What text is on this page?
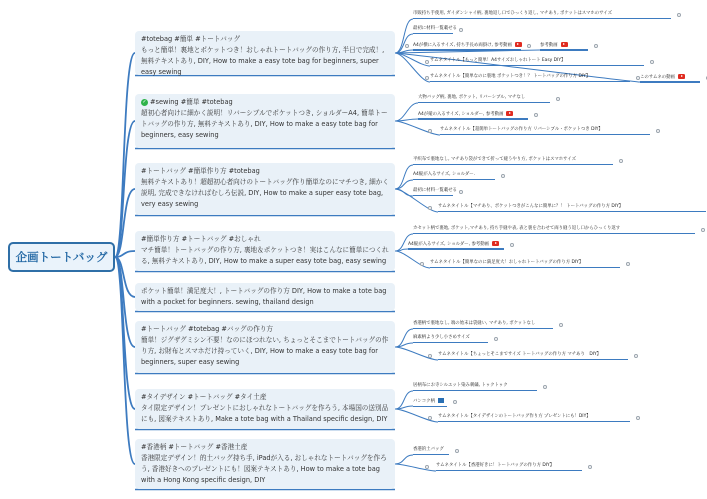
企画トートバッグ
#totebag #簡単 #トートバッグ
もっと簡単！裏地とポケットつき！おしゃれトートバッグの作り方, 半日で完成！, 無料テキストあり, DIY, How to make a easy tote bag for beginners, super easy sewing
✓ #sewing #簡単 #totebag
超初心者向けに細かく説明！リバーシブルでポケットつき, ショルダーA4, 簡単トートバッグの作り方, 無料テキストあり, DIY, How to make a easy tote bag for beginners, easy sewing
#トートバッグ #簡単作り方 #totebag
無料テキストあり！超超初心者向けのトートバッグ作り簡単なのにマチつき, 細かく説明, 完成できなければむしろ伝説, DIY, How to make a super easy tote bag, very easy sewing
#簡単作り方 #トートバッグ #おしゃれ
マチ簡単！トートバッグの作り方, 裏地＆ポケットつき！実はこんなに簡単につくれる, 無料テキストあり, DIY, How to make a super easy tote bag, easy sewing
ポケット簡単！満足度大！, トートバッグの作り方 DIY, How to make a tote bag with a pocket for beginners. sewing, thailand design
#トートバッグ #totebag #バッグの作り方
簡単！ジグザグミシン不要！なのにほつれない, ちょっとそこまでトートバッグの作り方, お財布とスマホだけ持っていく, DIY, How to make a easy tote bag for beginners, super easy sewing
#タイデザイン #トートバッグ #タイ土産
タイ限定デザイン！プレゼントにおしゃれなトートバッグを作ろう, 本場国の送別品にも, 図案テキストあり, Make a tote bag with a Thailand specific design, DIY
#香港柄 #トートバッグ #香港土産
香港限定デザイン！的土バッグ持ち手, iPadが入る, おしゃれなトートバッグを作ろう, 香港好きへのプレゼントにも！図案テキストあり, How to make a tote bag with a Hong Kong specific design, DIY
市販持ち手使用, ガイダンシャイ柄, 裏地返し口でひっくり返し, マチあり, ポケットはスマホのサイズ
最初に材料一覧載せる
A4が横に入るサイズ, 持ち手長め両掛け, 参考動画	参考動画
サムネタイトル【もっと簡単！A4サイズおしゃれトート Easy DIY】
サムネタイトル【簡単なのに裏地 ポケットつき！？ トートバッグの作り方 DIY】	このサムネの動画
大物バッグ柄, 裏地, ポケット, リバーシブル, マチなし
A4が縦の入るサイズ, ショルダー, 参考動画
サムネタイトル【超簡単トートバッグの作り方 リバーシブル・ポケットつき DIY】
平织布で裏地なし, マチあり袋ができて折って縫うやり方, ポケットはスマホサイズ
A4縦が入るサイズ, ショルダー.
最初に材料一覧載せる
サムネタイトル【マチあり、ポケットつきがこんなに簡単に？！ トートバッグの作り方 DIY】
カセット柄で裏地, ポケット,マチあり, 持ち手縫や表, 表と裏を合わせて両り縫う返し口からひっくり返す
A4縦が入るサイズ, ショルダー, 参考動画
サムネタイトル【簡単なのに満足度大！おしゃれトートバッグの作り方 DIY】
香港柄で裏地なし, 端の始末は袋縫い, マチあり, ポケットなし
麻素柄より少し小さめサイズ
サムネタイトル【ちょっとそこまでサイズ トートバッグの作り方 マチあり　DIY】
居柄布にお寺シルエット染み刺繍, トゥクトゥク
バンコク柄
サムネタイトル【タイデザインのトートバッグ作り方 プレゼントにも！DIY】
香港的土バッグ
サムネタイトル【香港好きに！トートバッグの作り方 DIY】
